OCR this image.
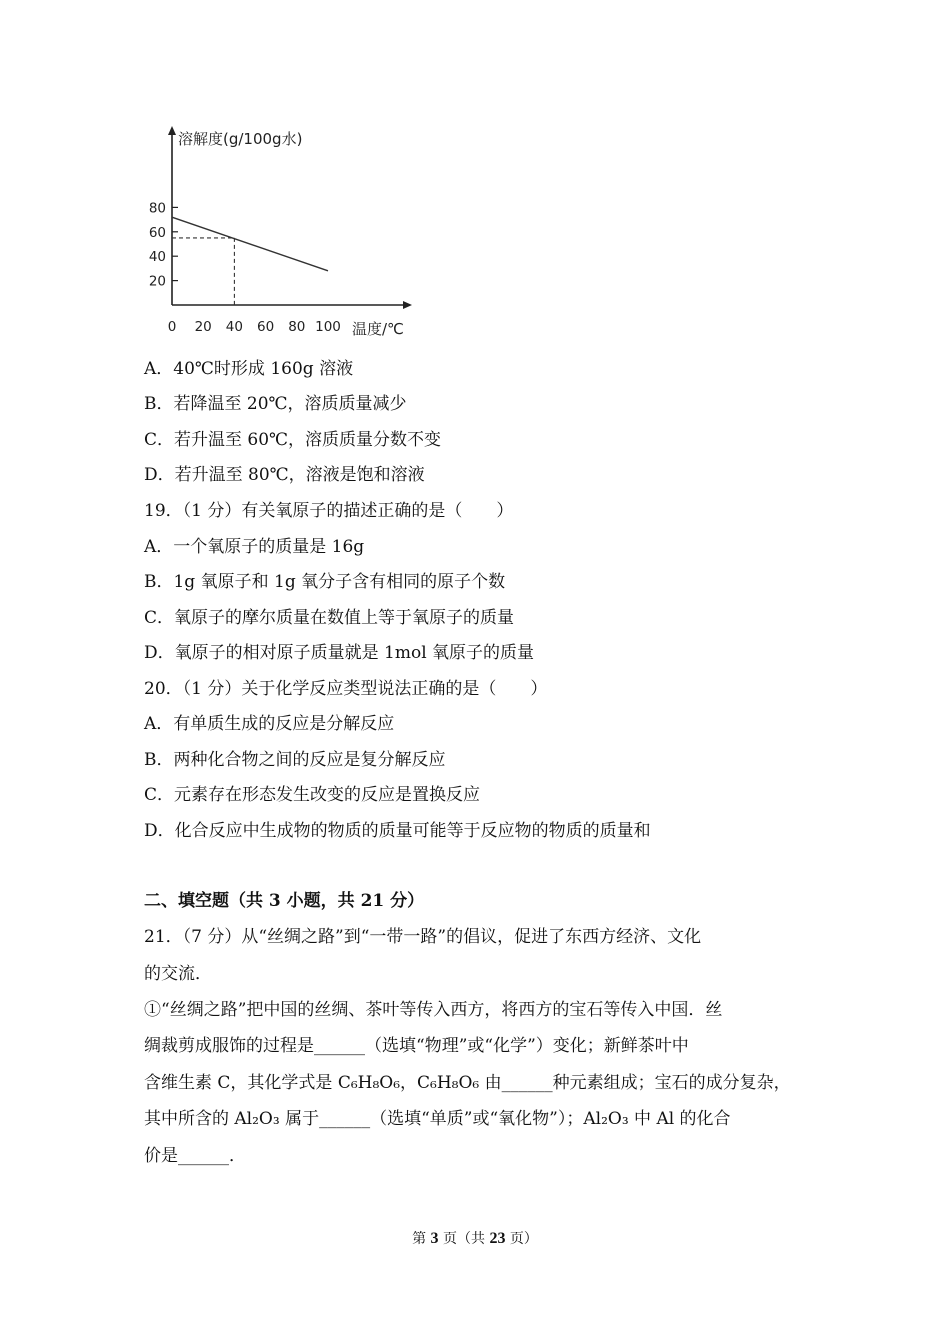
0 20 40 60 80 100
20
40
60
80
溶解度(g/100g水)
温度/℃
A．40℃时形成 160g 溶液
B．若降温至 20℃，溶质质量减少
C．若升温至 60℃，溶质质量分数不变
D．若升温至 80℃，溶液是饱和溶液
19．（1 分）有关氧原子的描述正确的是（　　）
A．一个氧原子的质量是 16g
B．1g 氧原子和 1g 氧分子含有相同的原子个数
C．氧原子的摩尔质量在数值上等于氧原子的质量
D．氧原子的相对原子质量就是 1mol 氧原子的质量
20．（1 分）关于化学反应类型说法正确的是（　　）
A．有单质生成的反应是分解反应
B．两种化合物之间的反应是复分解反应
C．元素存在形态发生改变的反应是置换反应
D．化合反应中生成物的物质的质量可能等于反应物的物质的质量和
二、填空题（共 3 小题，共 21 分）
21．（7 分）从“丝绸之路”到“一带一路”的倡议，促进了东西方经济、文化
的交流．
①“丝绸之路”把中国的丝绸、茶叶等传入西方，将西方的宝石等传入中国．丝
绸裁剪成服饰的过程是______（选填“物理”或“化学”）变化；新鲜茶叶中
含维生素 C，其化学式是 C₆H₈O₆，C₆H₈O₆ 由______种元素组成；宝石的成分复杂，
其中所含的 Al₂O₃ 属于______（选填“单质”或“氧化物”）；Al₂O₃ 中 Al 的化合
价是______．
第 3 页（共 23 页）
